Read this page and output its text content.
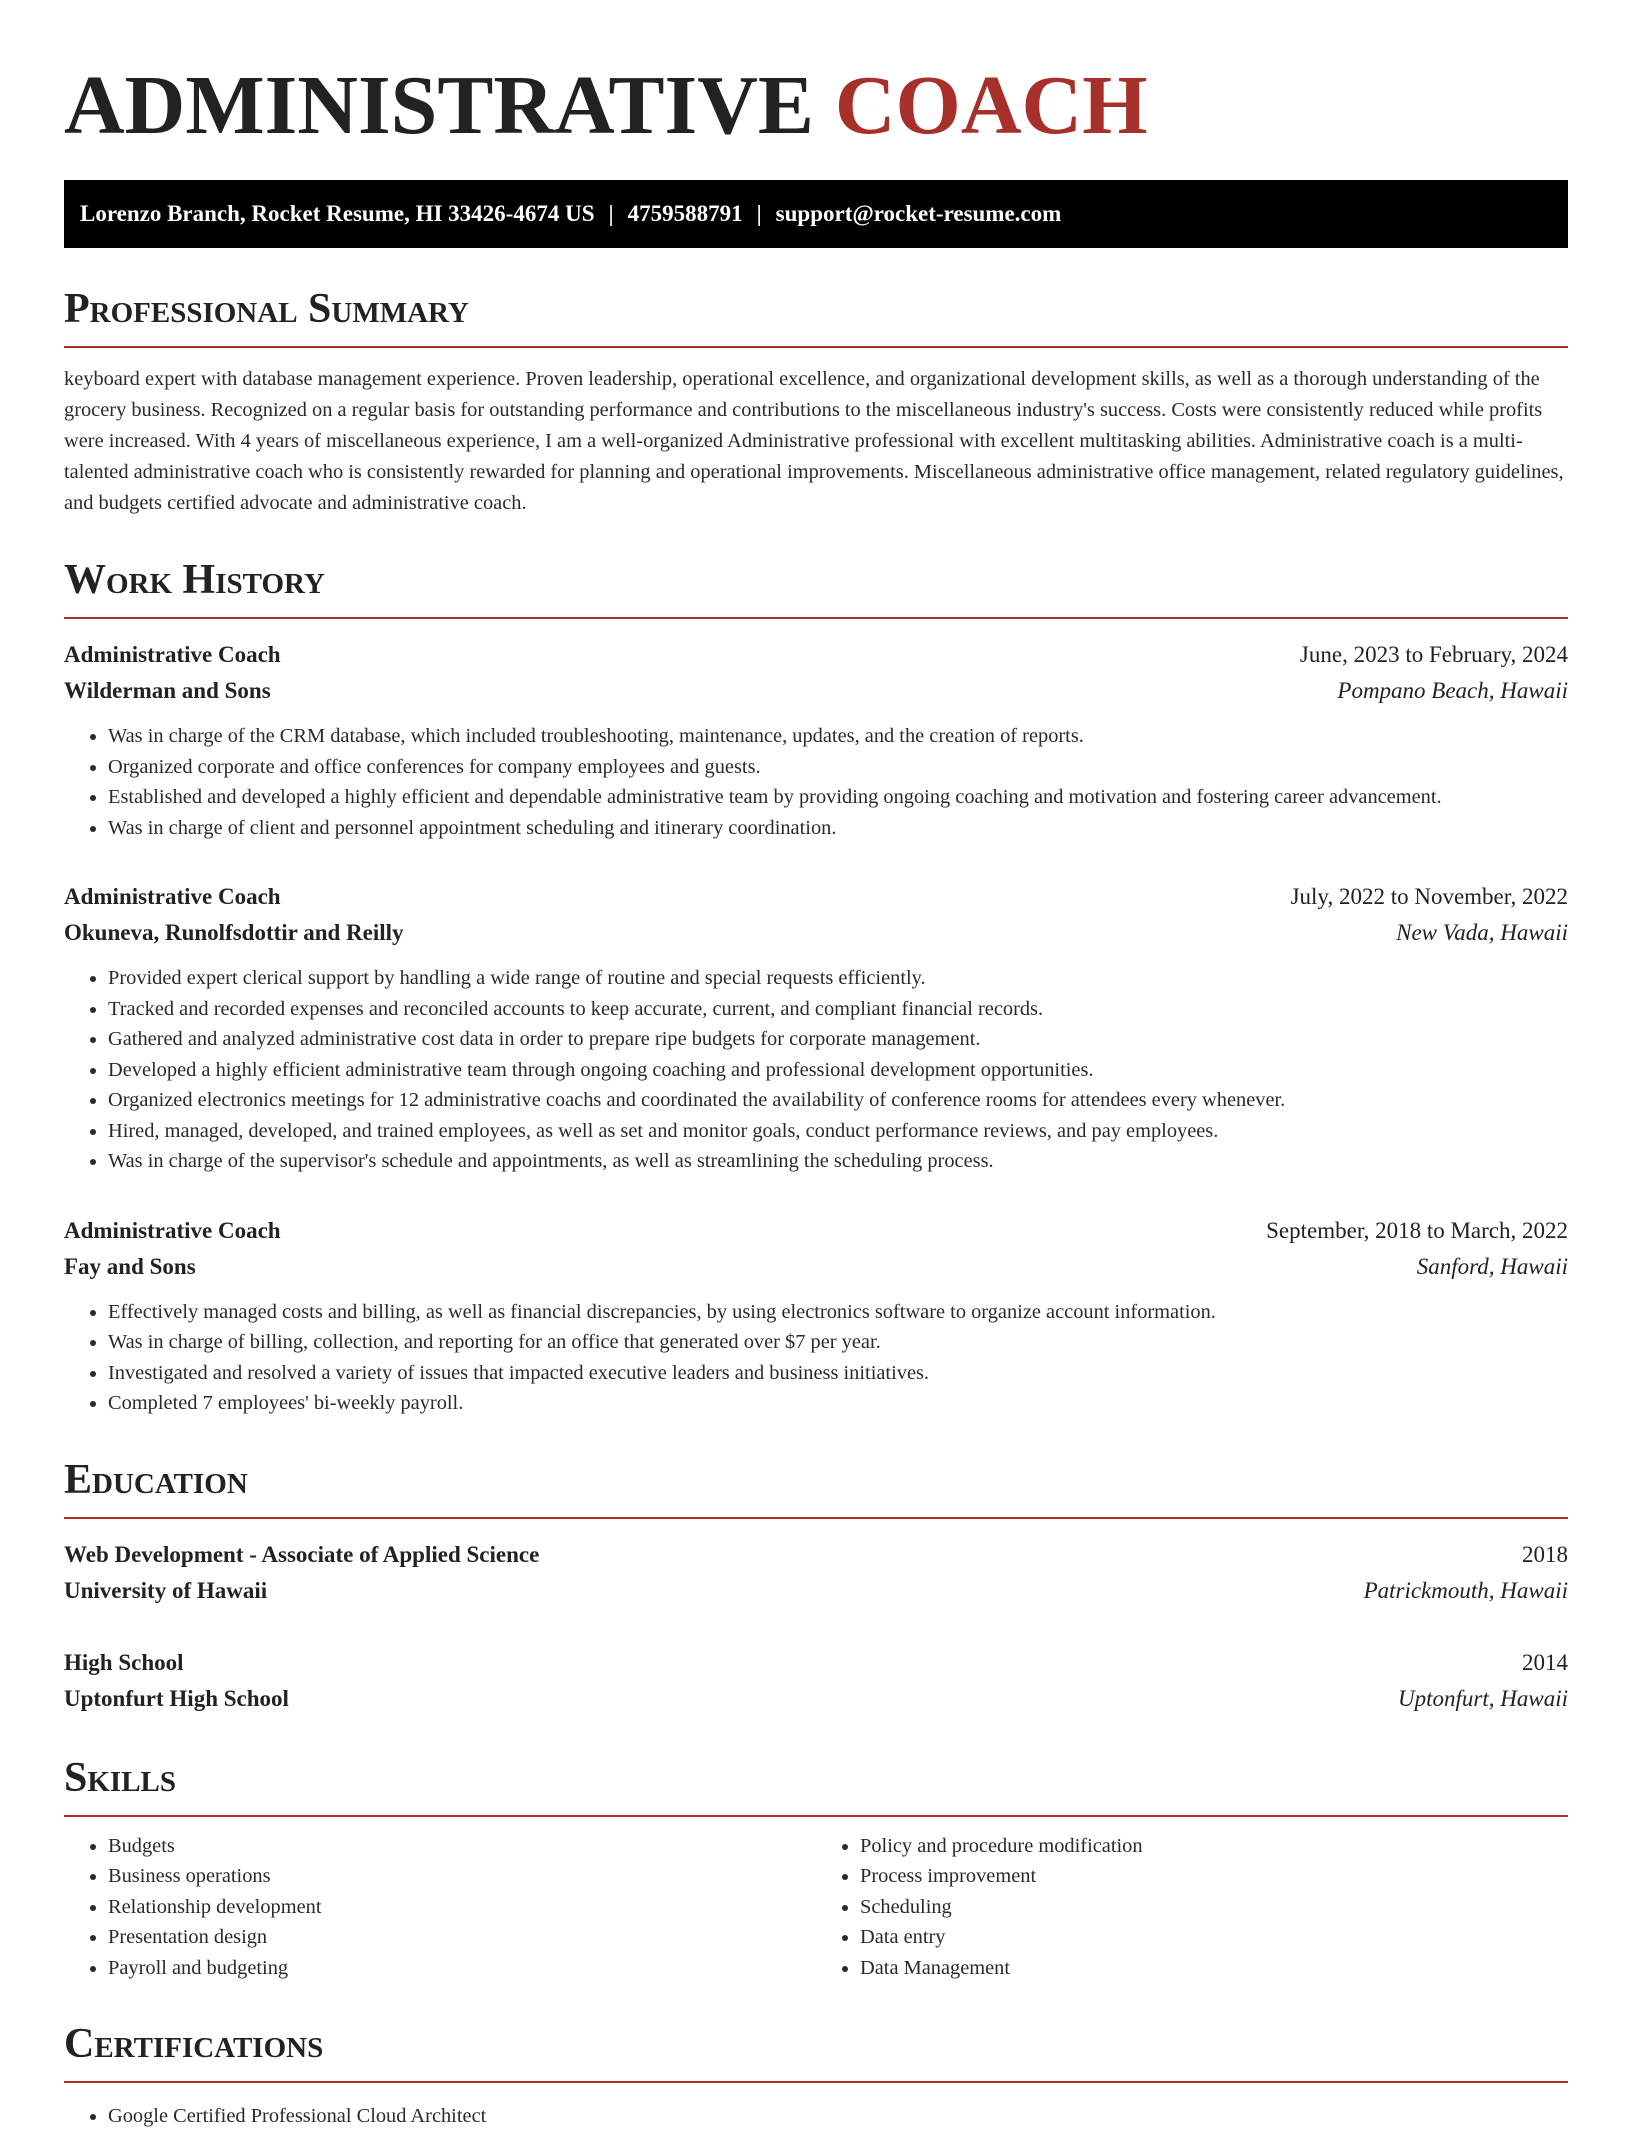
ADMINISTRATIVE COACH
Lorenzo Branch, Rocket Resume, HI 33426-4674 US | 4759588791 | support@rocket-resume.com
Professional Summary
keyboard expert with database management experience. Proven leadership, operational excellence, and organizational development skills, as well as a thorough understanding of the grocery business. Recognized on a regular basis for outstanding performance and contributions to the miscellaneous industry's success. Costs were consistently reduced while profits were increased. With 4 years of miscellaneous experience, I am a well-organized Administrative professional with excellent multitasking abilities. Administrative coach is a multi-talented administrative coach who is consistently rewarded for planning and operational improvements. Miscellaneous administrative office management, related regulatory guidelines, and budgets certified advocate and administrative coach.
Work History
Administrative Coach	June, 2023 to February, 2024
Wilderman and Sons	Pompano Beach, Hawaii
• Was in charge of the CRM database, which included troubleshooting, maintenance, updates, and the creation of reports.
• Organized corporate and office conferences for company employees and guests.
• Established and developed a highly efficient and dependable administrative team by providing ongoing coaching and motivation and fostering career advancement.
• Was in charge of client and personnel appointment scheduling and itinerary coordination.
Administrative Coach	July, 2022 to November, 2022
Okuneva, Runolfsdottir and Reilly	New Vada, Hawaii
• Provided expert clerical support by handling a wide range of routine and special requests efficiently.
• Tracked and recorded expenses and reconciled accounts to keep accurate, current, and compliant financial records.
• Gathered and analyzed administrative cost data in order to prepare ripe budgets for corporate management.
• Developed a highly efficient administrative team through ongoing coaching and professional development opportunities.
• Organized electronics meetings for 12 administrative coachs and coordinated the availability of conference rooms for attendees every whenever.
• Hired, managed, developed, and trained employees, as well as set and monitor goals, conduct performance reviews, and pay employees.
• Was in charge of the supervisor's schedule and appointments, as well as streamlining the scheduling process.
Administrative Coach	September, 2018 to March, 2022
Fay and Sons	Sanford, Hawaii
• Effectively managed costs and billing, as well as financial discrepancies, by using electronics software to organize account information.
• Was in charge of billing, collection, and reporting for an office that generated over $7 per year.
• Investigated and resolved a variety of issues that impacted executive leaders and business initiatives.
• Completed 7 employees' bi-weekly payroll.
Education
Web Development - Associate of Applied Science	2018
University of Hawaii	Patrickmouth, Hawaii
High School	2014
Uptonfurt High School	Uptonfurt, Hawaii
Skills
• Budgets
• Business operations
• Relationship development
• Presentation design
• Payroll and budgeting
• Policy and procedure modification
• Process improvement
• Scheduling
• Data entry
• Data Management
Certifications
• Google Certified Professional Cloud Architect
